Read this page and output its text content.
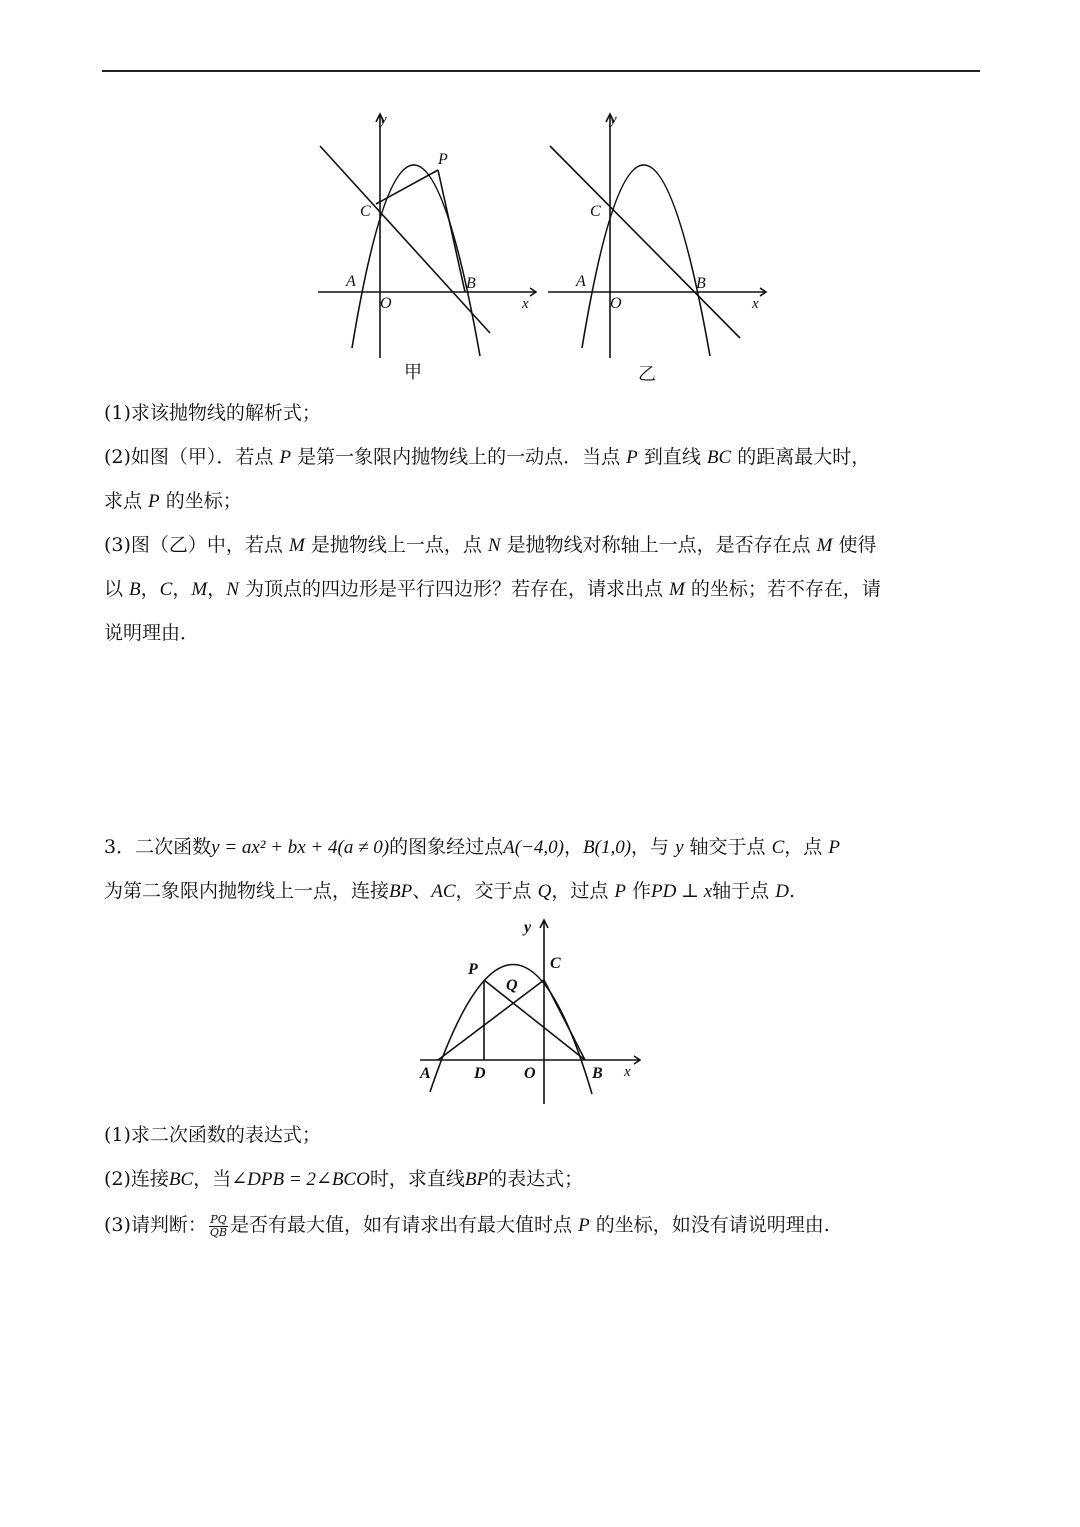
y
x
P
C
A
O
B
甲
y
x
C
A
O
B
乙
(1)求该抛物线的解析式；
(2)如图（甲）．若点 P 是第一象限内抛物线上的一动点．当点 P 到直线 BC 的距离最大时，
求点 P 的坐标；
(3)图（乙）中，若点 M 是抛物线上一点，点 N 是抛物线对称轴上一点，是否存在点 M 使得
以 B，C，M，N 为顶点的四边形是平行四边形？若存在，请求出点 M 的坐标；若不存在，请
说明理由．
3．二次函数y = ax² + bx + 4(a ≠ 0)的图象经过点A(−4,0)，B(1,0)，与 y 轴交于点 C，点 P
为第二象限内抛物线上一点，连接BP、AC，交于点 Q，过点 P 作PD ⊥ x轴于点 D.
y
x
P
Q
C
A	D O	B
(1)求二次函数的表达式；
(2)连接BC，当∠DPB = 2∠BCO时，求直线BP的表达式；
(3)请判断： $\frac{PQ}{QB}$ 是否有最大值，如有请求出有最大值时点 P 的坐标，如没有请说明理由.
